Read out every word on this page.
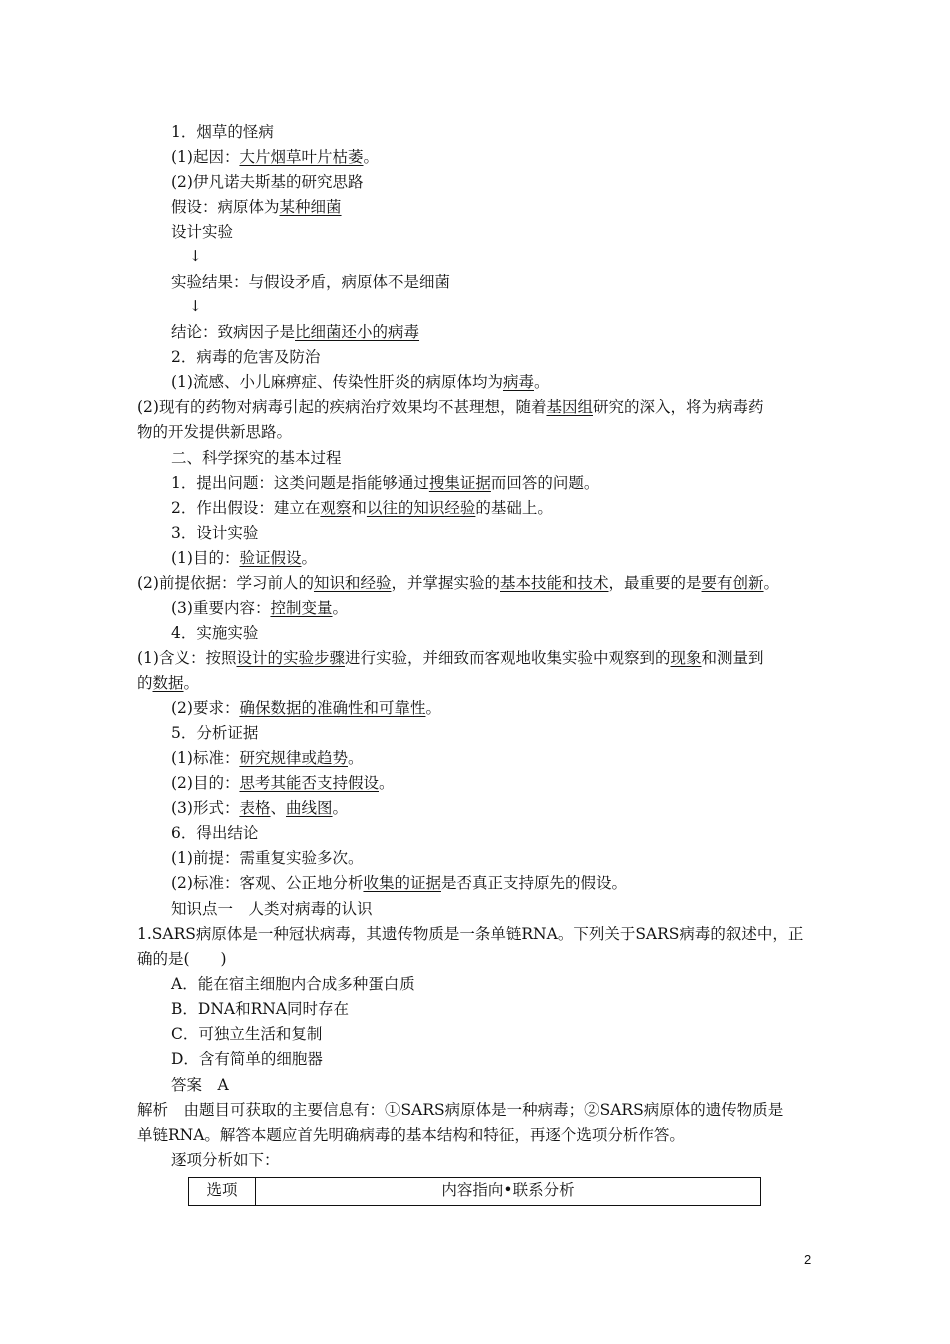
1．烟草的怪病
(1)起因：大片烟草叶片枯萎。
(2)伊凡诺夫斯基的研究思路
假设：病原体为某种细菌
设计实验
↓
实验结果：与假设矛盾，病原体不是细菌
↓
结论：致病因子是比细菌还小的病毒
2．病毒的危害及防治
(1)流感、小儿麻痹症、传染性肝炎的病原体均为病毒。
(2)现有的药物对病毒引起的疾病治疗效果均不甚理想，随着基因组研究的深入，将为病毒药
物的开发提供新思路。
二、科学探究的基本过程
1．提出问题：这类问题是指能够通过搜集证据而回答的问题。
2．作出假设：建立在观察和以往的知识经验的基础上。
3．设计实验
(1)目的：验证假设。
(2)前提依据：学习前人的知识和经验，并掌握实验的基本技能和技术，最重要的是要有创新。
(3)重要内容：控制变量。
4．实施实验
(1)含义：按照设计的实验步骤进行实验，并细致而客观地收集实验中观察到的现象和测量到
的数据。
(2)要求：确保数据的准确性和可靠性。
5．分析证据
(1)标准：研究规律或趋势。
(2)目的：思考其能否支持假设。
(3)形式：表格、曲线图。
6．得出结论
(1)前提：需重复实验多次。
(2)标准：客观、公正地分析收集的证据是否真正支持原先的假设。
知识点一　人类对病毒的认识
1.SARS病原体是一种冠状病毒，其遗传物质是一条单链RNA。下列关于SARS病毒的叙述中，正
确的是(　　)
A．能在宿主细胞内合成多种蛋白质
B．DNA和RNA同时存在
C．可独立生活和复制
D．含有简单的细胞器
答案　A
解析　由题目可获取的主要信息有：①SARS病原体是一种病毒；②SARS病原体的遗传物质是
单链RNA。解答本题应首先明确病毒的基本结构和特征，再逐个选项分析作答。
逐项分析如下：
选项	内容指向•联系分析
2
